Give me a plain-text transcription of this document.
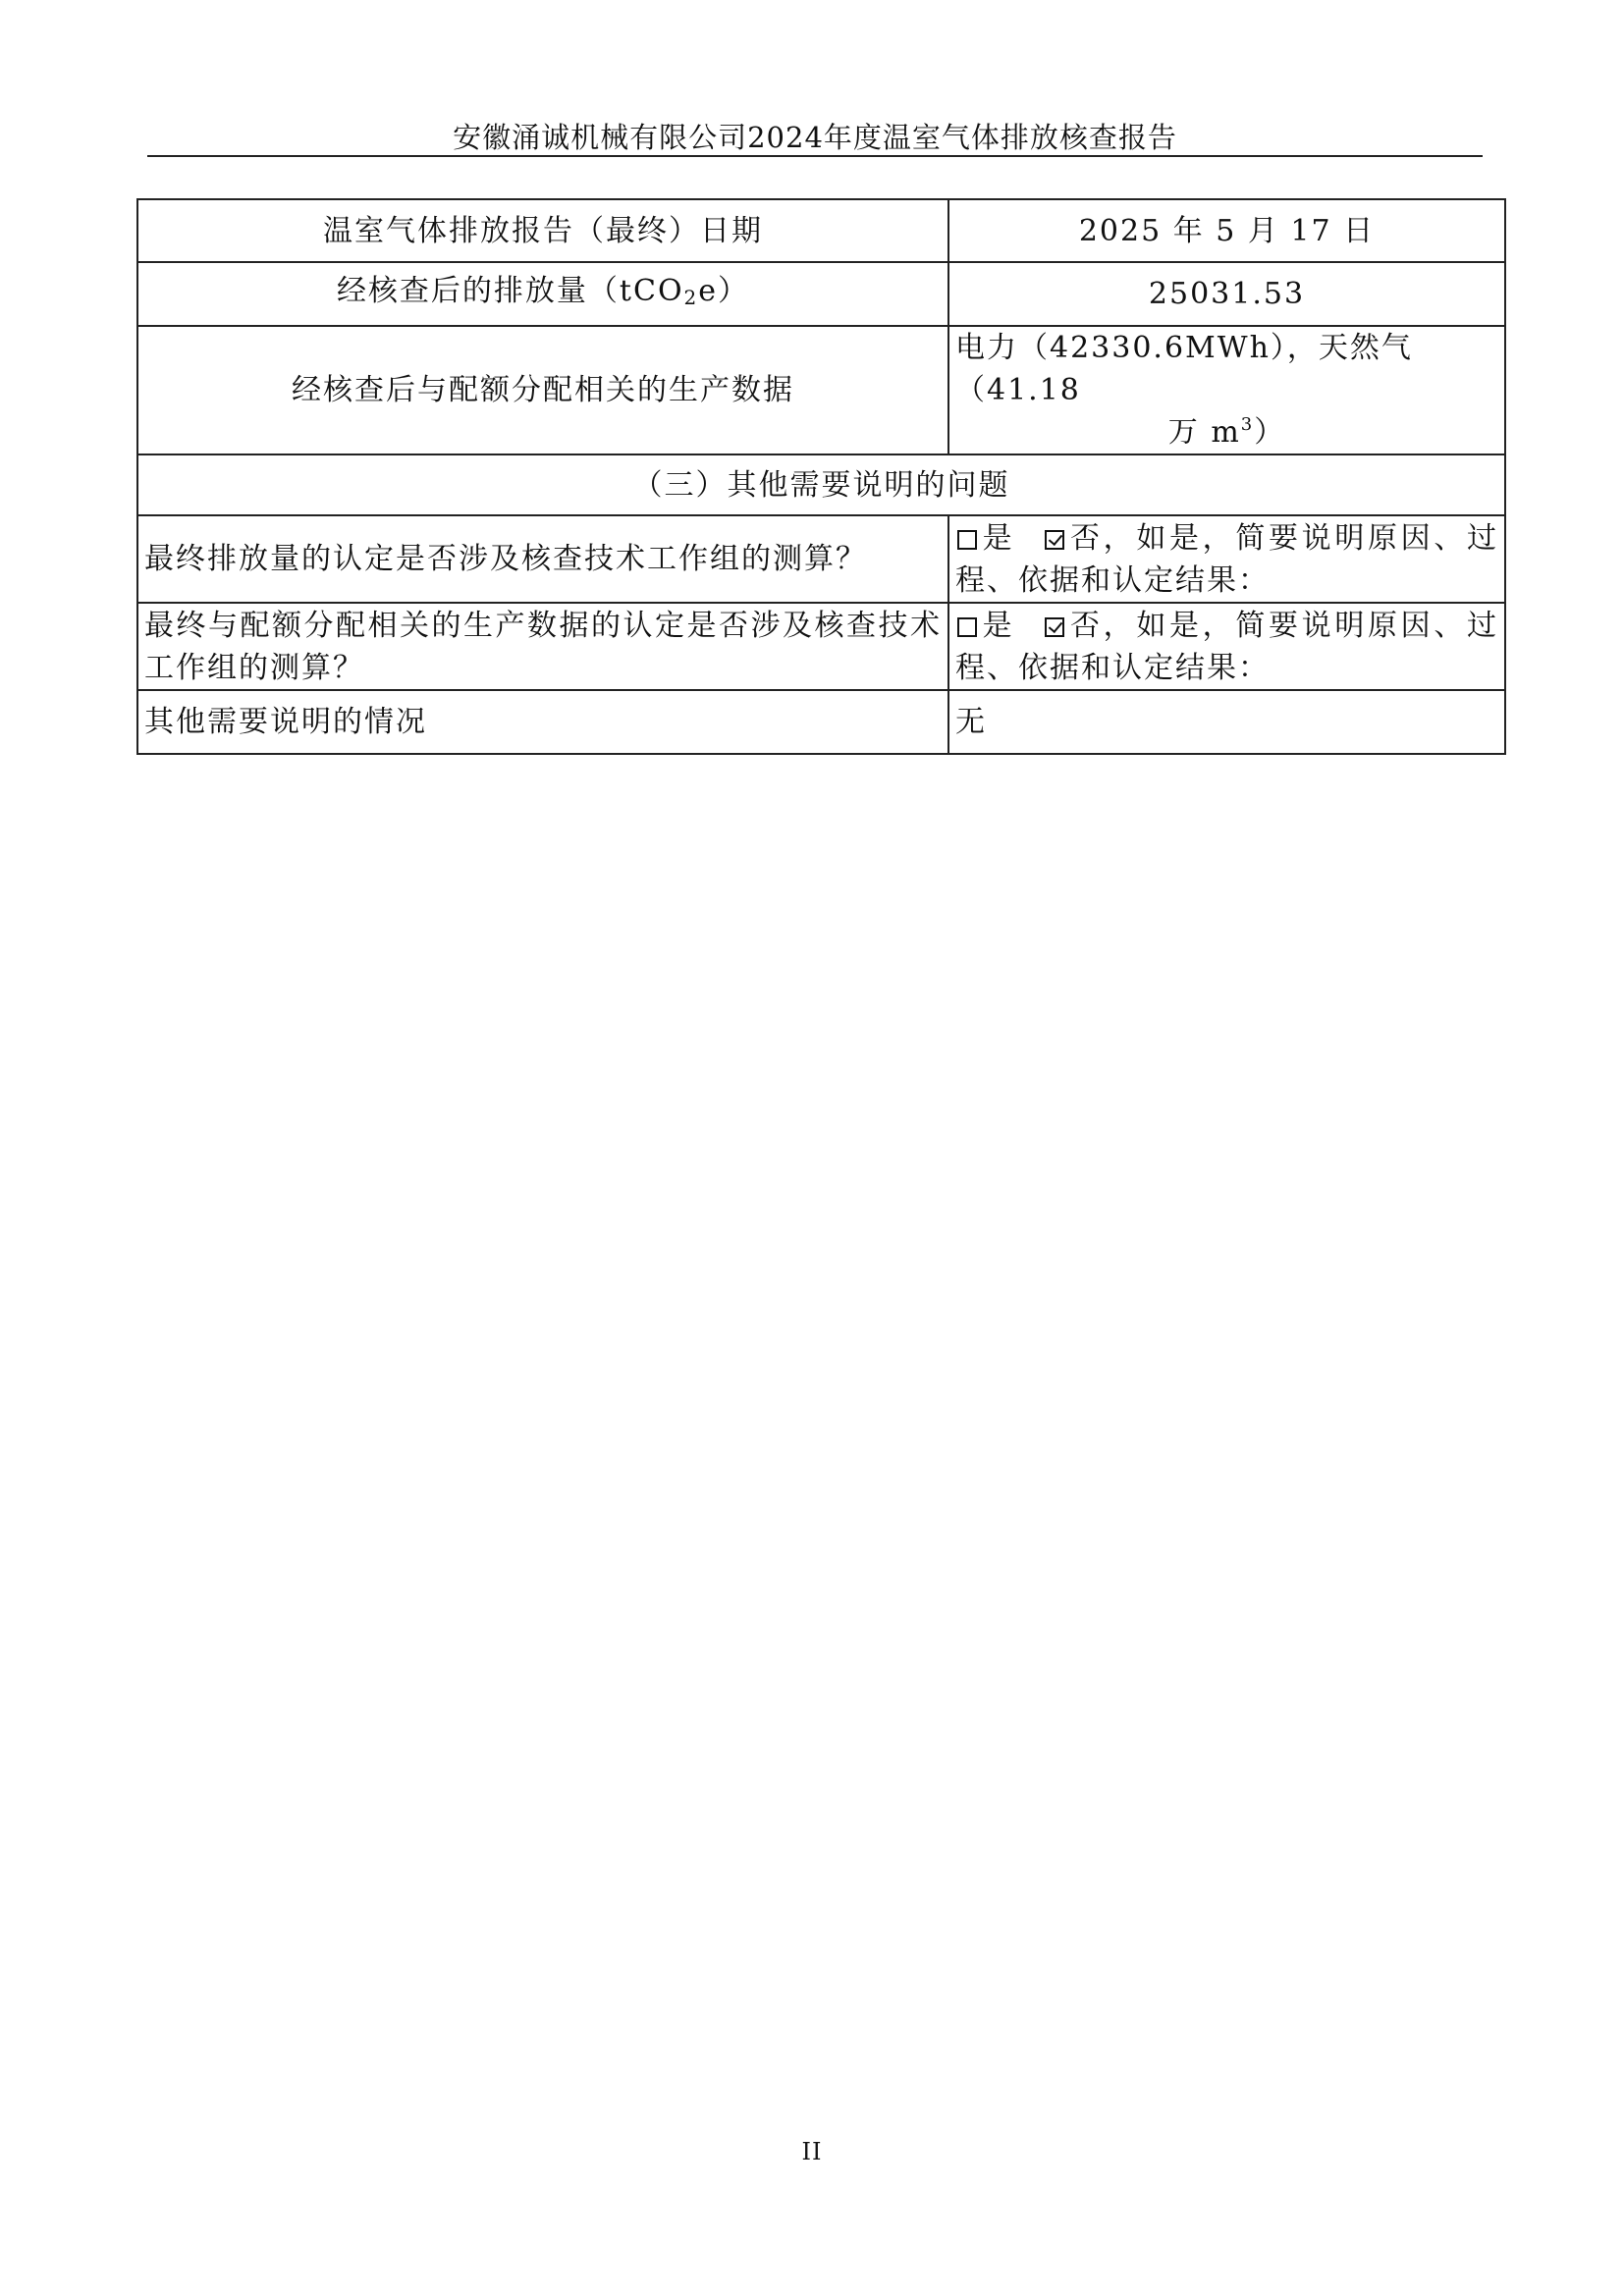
安徽涌诚机械有限公司2024年度温室气体排放核查报告
温室气体排放报告（最终）日期	2025 年 5 月 17 日
经核查后的排放量（tCO$_2$e）	25031.53
经核查后与配额分配相关的生产数据	电力（42330.6MWh），天然气（41.18
万 $m^3$）

（三）其他需要说明的问题	
最终排放量的认定是否涉及核查技术工作组的测算？	是 否，如是，简要说明原因、过程、依据和认定结果：
最终与配额分配相关的生产数据的认定是否涉及核查技术工作组的测算？	是 否，如是，简要说明原因、过程、依据和认定结果：
其他需要说明的情况	无
II
